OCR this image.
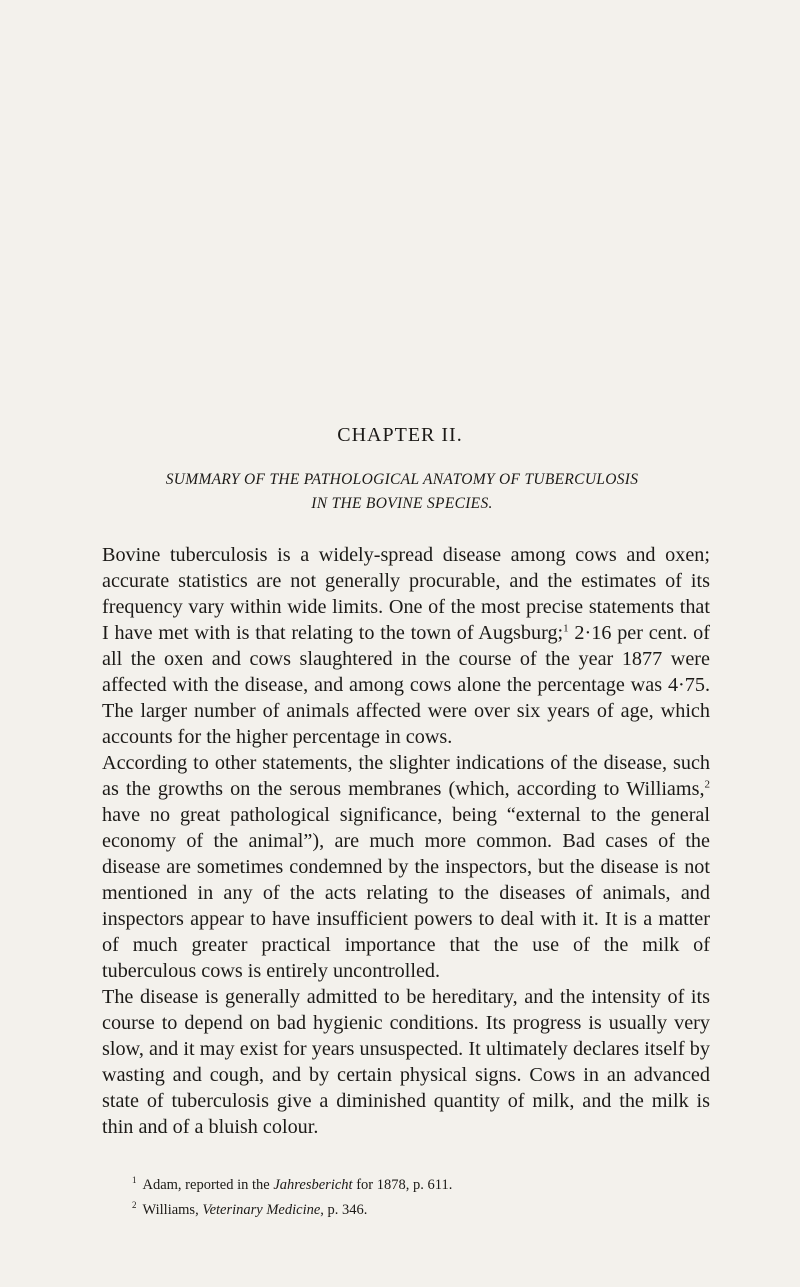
CHAPTER II.
SUMMARY OF THE PATHOLOGICAL ANATOMY OF TUBERCULOSIS
IN THE BOVINE SPECIES.

Bovine tuberculosis is a widely-spread disease among cows and oxen; accurate statistics are not generally procurable, and the estimates of its frequency vary within wide limits. One of the most precise statements that I have met with is that relating to the town of Augsburg;$^1$ 2·16 per cent. of all the oxen and cows slaughtered in the course of the year 1877 were affected with the disease, and among cows alone the percentage was 4·75. The larger number of animals affected were over six years of age, which accounts for the higher percentage in cows.

According to other statements, the slighter indications of the disease, such as the growths on the serous membranes (which, according to Williams,$^2$ have no great pathological significance, being “external to the general economy of the animal”), are much more common. Bad cases of the disease are sometimes condemned by the inspectors, but the disease is not mentioned in any of the acts relating to the diseases of animals, and inspectors appear to have insufficient powers to deal with it. It is a matter of much greater practical importance that the use of the milk of tuberculous cows is entirely uncontrolled.

The disease is generally admitted to be hereditary, and the intensity of its course to depend on bad hygienic conditions. Its progress is usually very slow, and it may exist for years unsuspected. It ultimately declares itself by wasting and cough, and by certain physical signs. Cows in an advanced state of tuberculosis give a diminished quantity of milk, and the milk is thin and of a bluish colour.

$^1$ Adam, reported in the Jahresbericht for 1878, p. 611.
$^2$ Williams, Veterinary Medicine, p. 346.
